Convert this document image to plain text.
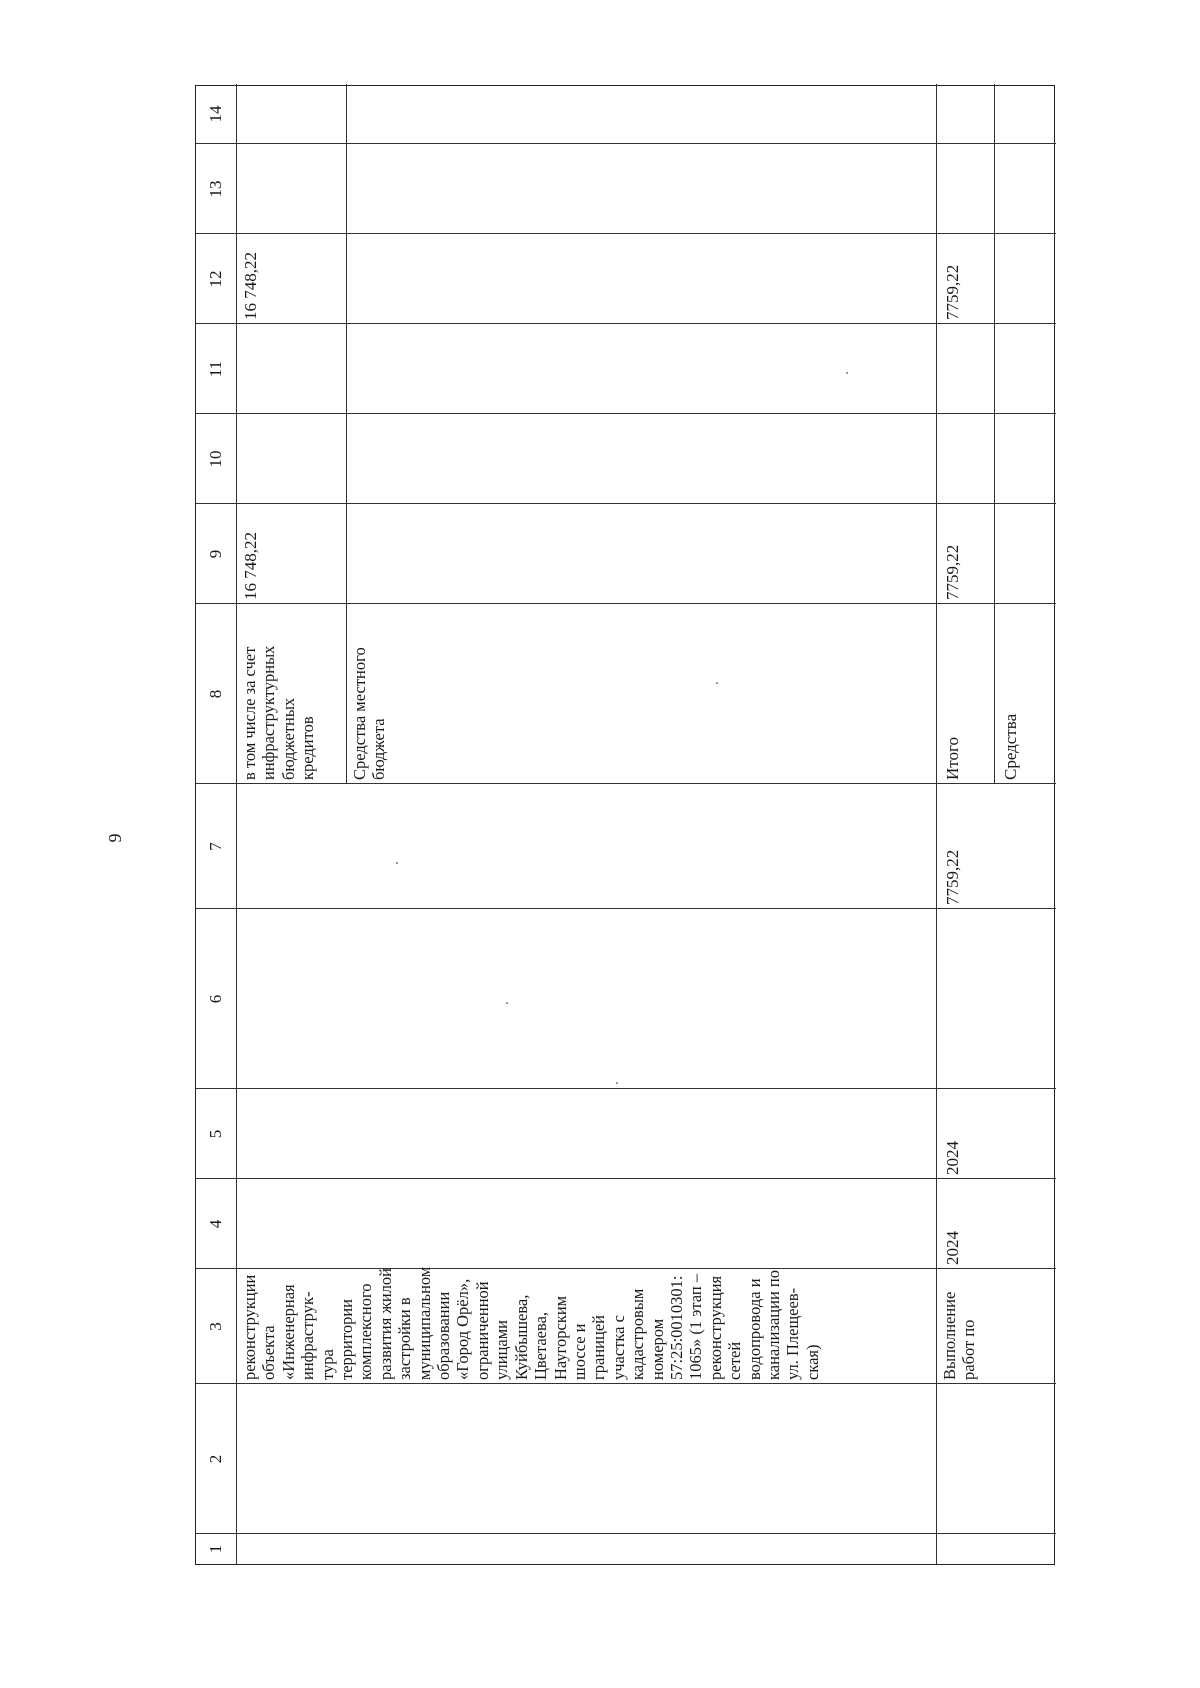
9
1
2
3
4
5
6
7
8
9
10
11
12
13
14
реконструкции объекта «Инженерная инфраструк- тура территории комплексного развития жилой застройки в муниципальном образовании «Город Орёл», ограниченной улицами Куйбышева, Цветаева, Наугорским шоссе и границей участка с кадастровым номером 57:25:0010301: 1065» (1 этап – реконструкция сетей водопровода и канализации по ул. Плещеев- ская)
в том числе за счет инфраструктурных бюджетных кредитов Средства местного бюджета
16 748,22
16 748,22
Выполнение работ по
2024
2024
7759,22
Итого
7759,22
7759,22
Средства
